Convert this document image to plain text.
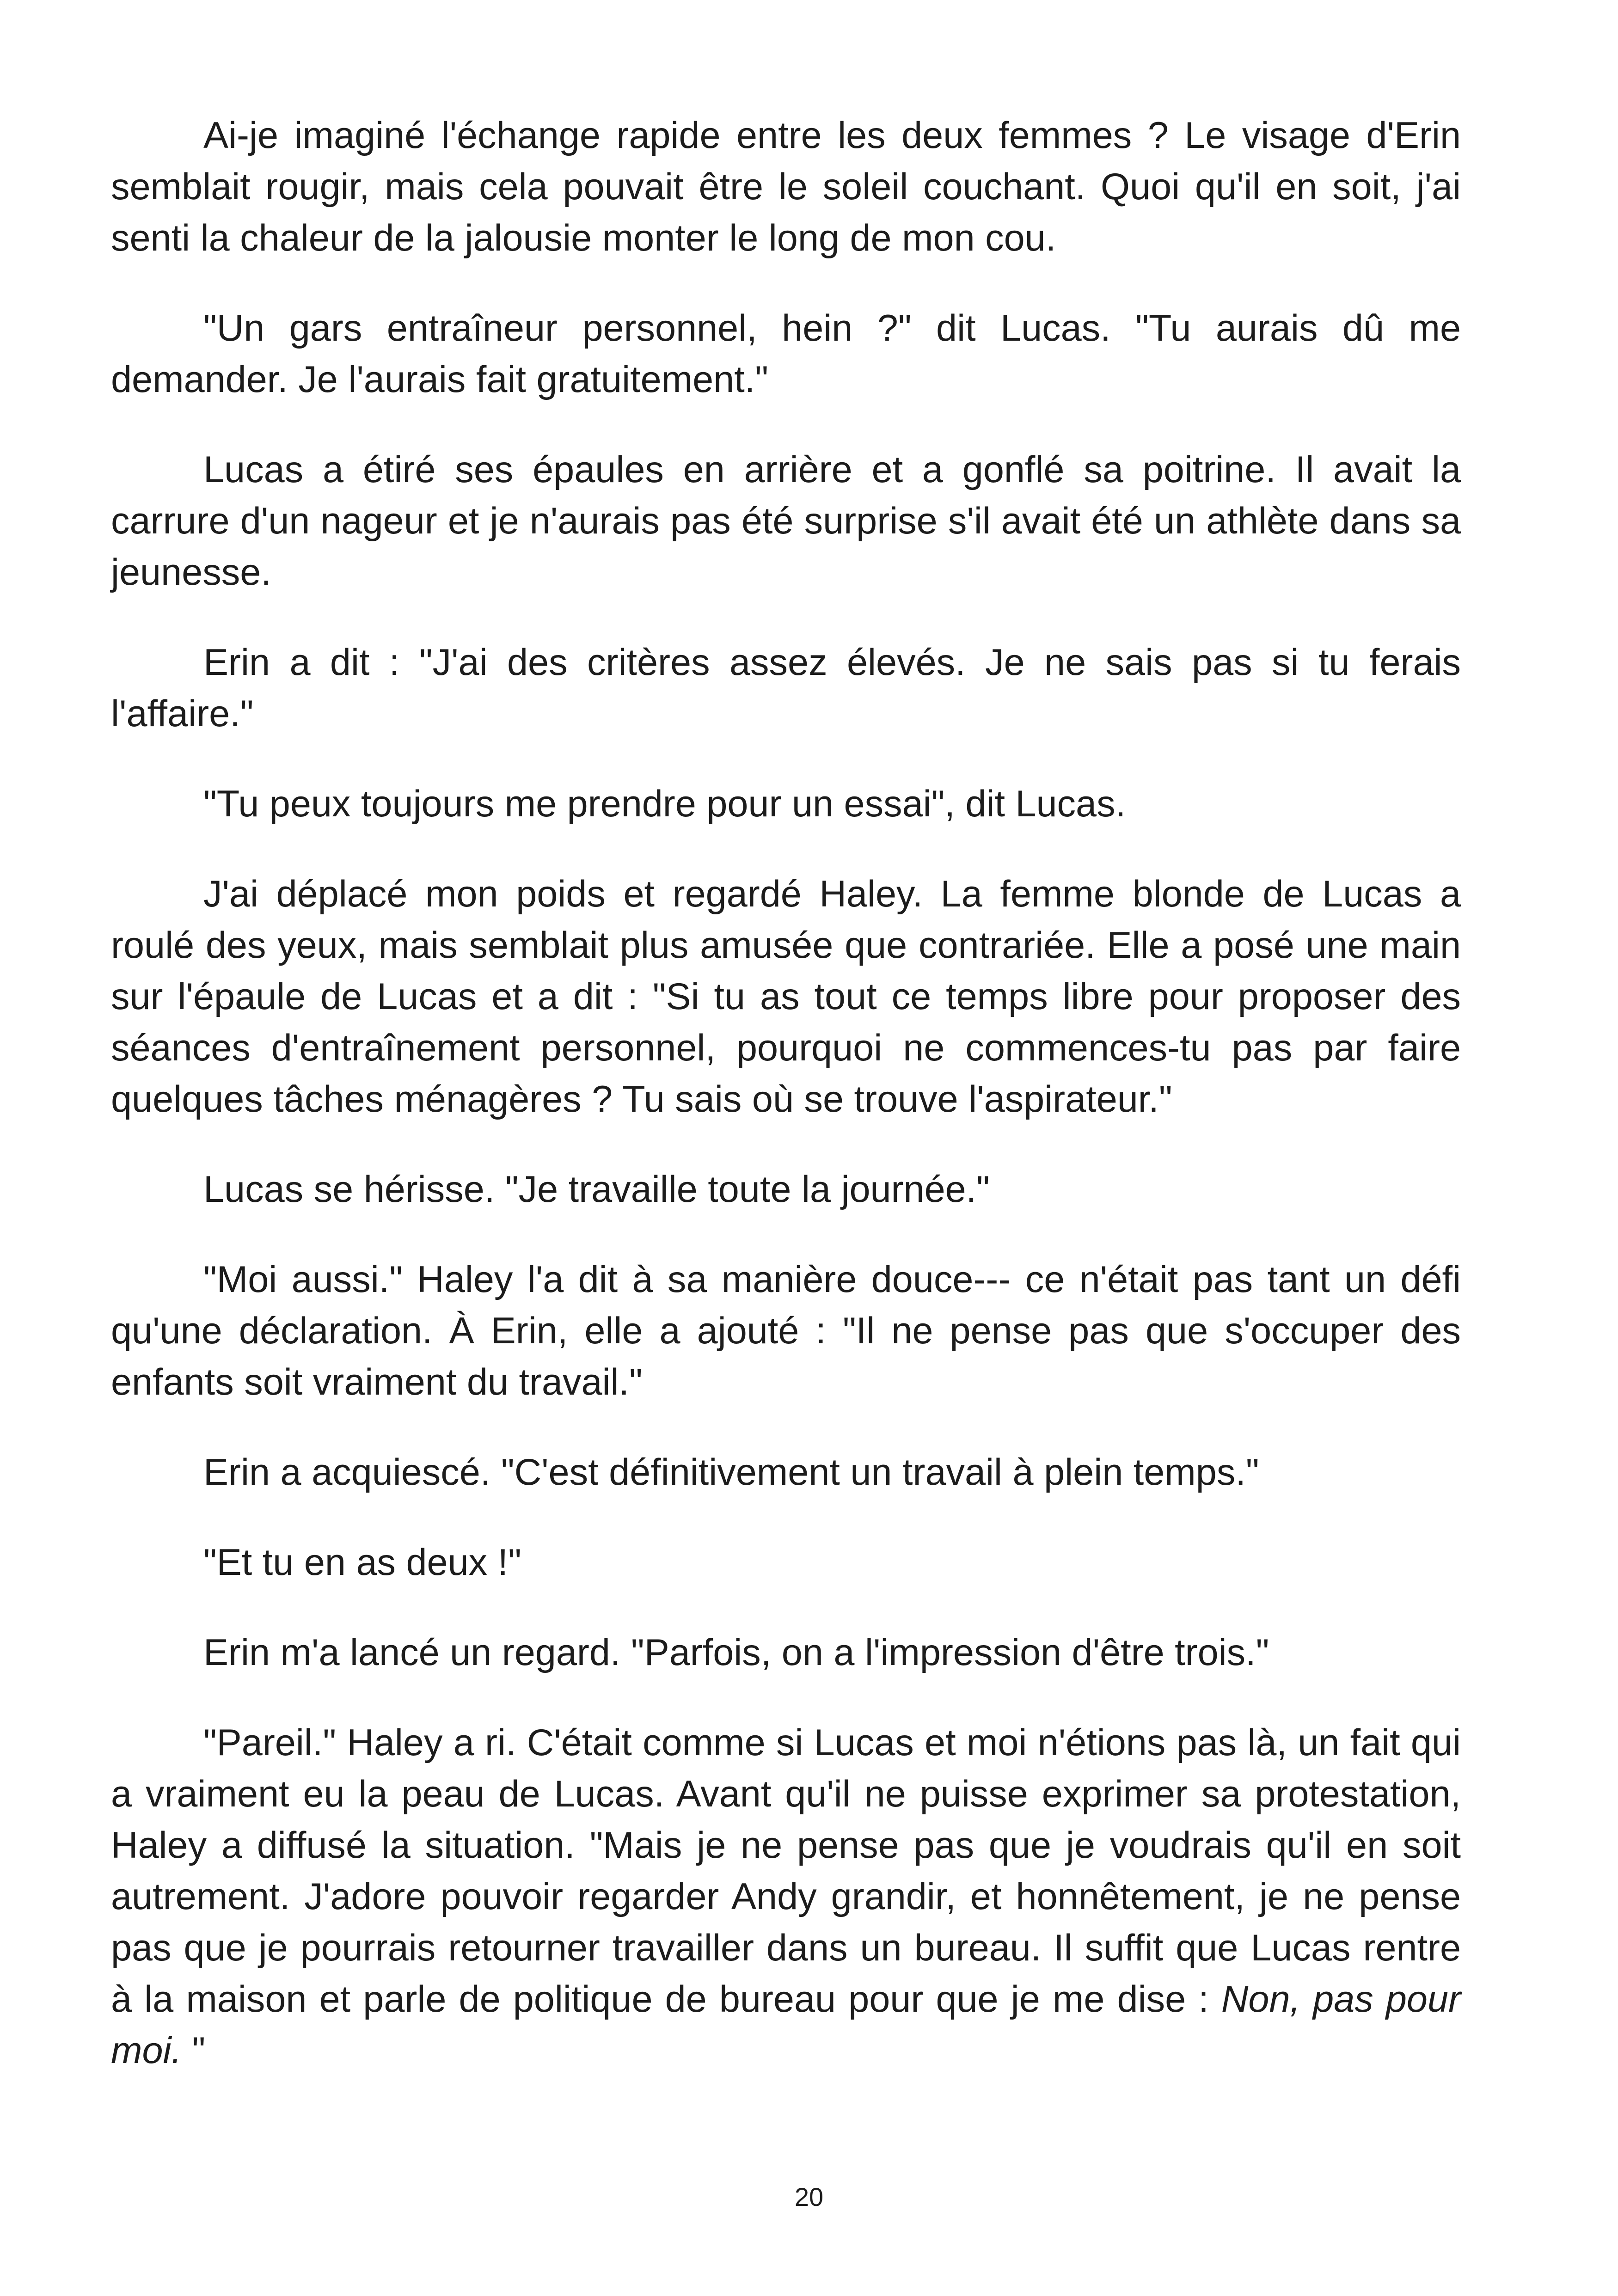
Ai-je imaginé l'échange rapide entre les deux femmes ? Le visage d'Erin semblait rougir, mais cela pouvait être le soleil couchant. Quoi qu'il en soit, j'ai senti la chaleur de la jalousie monter le long de mon cou.

"Un gars entraîneur personnel, hein ?" dit Lucas. "Tu aurais dû me demander. Je l'aurais fait gratuitement."

Lucas a étiré ses épaules en arrière et a gonflé sa poitrine. Il avait la carrure d'un nageur et je n'aurais pas été surprise s'il avait été un athlète dans sa jeunesse.

Erin a dit : "J'ai des critères assez élevés. Je ne sais pas si tu ferais l'affaire."

"Tu peux toujours me prendre pour un essai", dit Lucas.

J'ai déplacé mon poids et regardé Haley. La femme blonde de Lucas a roulé des yeux, mais semblait plus amusée que contrariée. Elle a posé une main sur l'épaule de Lucas et a dit : "Si tu as tout ce temps libre pour proposer des séances d'entraînement personnel, pourquoi ne commences-tu pas par faire quelques tâches ménagères ? Tu sais où se trouve l'aspirateur."

Lucas se hérisse. "Je travaille toute la journée."

"Moi aussi." Haley l'a dit à sa manière douce--- ce n'était pas tant un défi qu'une déclaration. À Erin, elle a ajouté : "Il ne pense pas que s'occuper des enfants soit vraiment du travail."

Erin a acquiescé. "C'est définitivement un travail à plein temps."

"Et tu en as deux !"

Erin m'a lancé un regard. "Parfois, on a l'impression d'être trois."

"Pareil." Haley a ri. C'était comme si Lucas et moi n'étions pas là, un fait qui a vraiment eu la peau de Lucas. Avant qu'il ne puisse exprimer sa protestation, Haley a diffusé la situation. "Mais je ne pense pas que je voudrais qu'il en soit autrement. J'adore pouvoir regarder Andy grandir, et honnêtement, je ne pense pas que je pourrais retourner travailler dans un bureau. Il suffit que Lucas rentre à la maison et parle de politique de bureau pour que je me dise : Non, pas pour moi. "

20
